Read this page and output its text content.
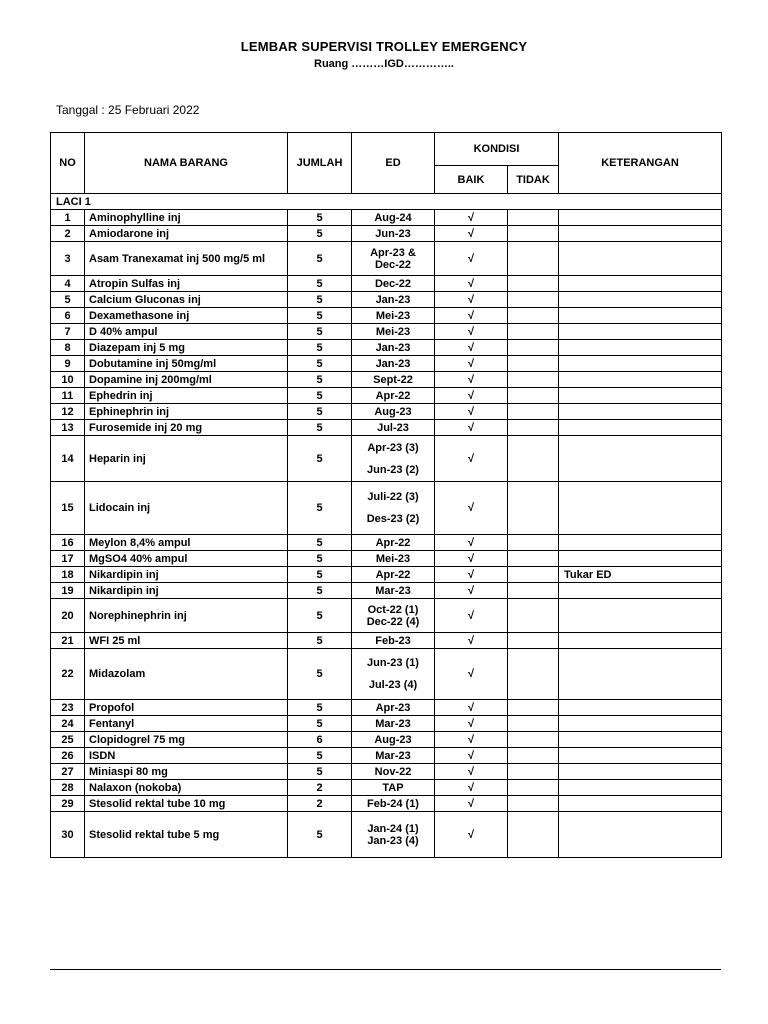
LEMBAR SUPERVISI TROLLEY EMERGENCY
Ruang ………IGD…………..
Tanggal : 25 Februari 2022
NO	NAMA BARANG	JUMLAH	ED	KONDISI		KETERANGAN
				BAIK	TIDAK	
LACI 1						
1	Aminophylline inj	5	Aug-24	√		
2	Amiodarone inj	5	Jun-23	√		
3	Asam Tranexamat inj 500 mg/5 ml	5	Apr-23 &
Dec-22	√		
4	Atropin Sulfas inj	5	Dec-22	√		
5	Calcium Gluconas inj	5	Jan-23	√		
6	Dexamethasone inj	5	Mei-23	√		
7	D 40% ampul	5	Mei-23	√		
8	Diazepam inj 5 mg	5	Jan-23	√		
9	Dobutamine inj 50mg/ml	5	Jan-23	√		
10	Dopamine inj 200mg/ml	5	Sept-22	√		
11	Ephedrin inj	5	Apr-22	√		
12	Ephinephrin inj	5	Aug-23	√		
13	Furosemide inj 20 mg	5	Jul-23	√		
14	Heparin inj	5	Apr-23 (3)
Jun-23 (2)	√		
15	Lidocain inj	5	Juli-22 (3)
Des-23 (2)	√		
16	Meylon 8,4% ampul	5	Apr-22	√		
17	MgSO4 40% ampul	5	Mei-23	√		
18	Nikardipin inj	5	Apr-22	√		Tukar ED
19	Nikardipin inj	5	Mar-23	√		
20	Norephinephrin inj	5	Oct-22 (1)
Dec-22 (4)	√		
21	WFI 25 ml	5	Feb-23	√		
22	Midazolam	5	Jun-23 (1)
Jul-23 (4)	√		
23	Propofol	5	Apr-23	√		
24	Fentanyl	5	Mar-23	√		
25	Clopidogrel 75 mg	6	Aug-23	√		
26	ISDN	5	Mar-23	√		
27	Miniaspi 80 mg	5	Nov-22	√		
28	Nalaxon (nokoba)	2	TAP	√		
29	Stesolid rektal tube 10 mg	2	Feb-24 (1)	√		
30	Stesolid rektal tube 5 mg	5	Jan-24 (1)
Jan-23 (4)	√		
